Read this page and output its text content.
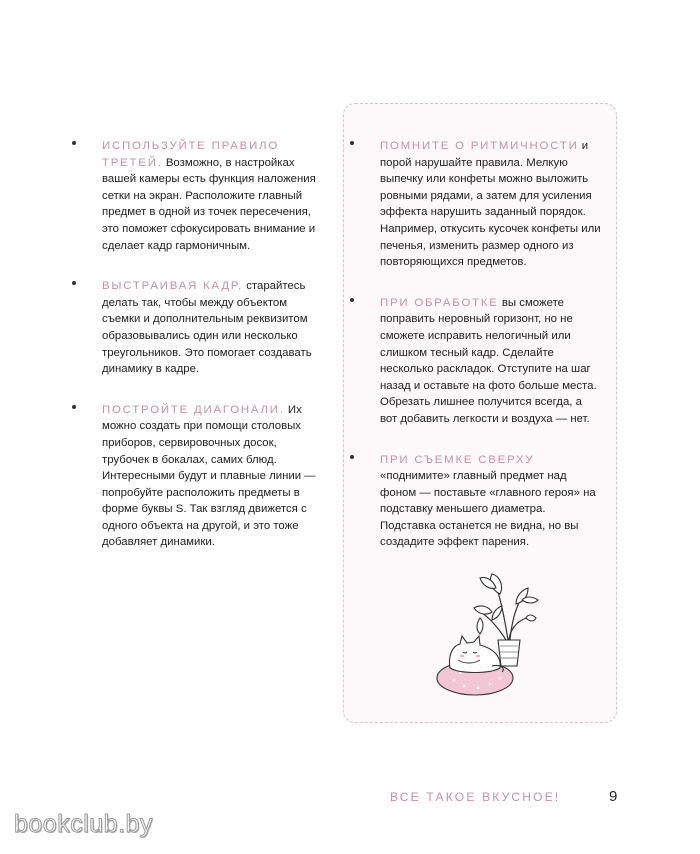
ИСПОЛЬЗУЙТЕ ПРАВИЛО ТРЕТЕЙ. Возможно, в настройках вашей камеры есть функция наложения сетки на экран. Расположите главный предмет в одной из точек пересечения, это поможет сфокусировать внимание и сделает кадр гармоничным.
ВЫСТРАИВАЯ КАДР, старайтесь делать так, чтобы между объектом съемки и дополнительным реквизитом образовывались один или несколько треугольников. Это помогает создавать динамику в кадре.
ПОСТРОЙТЕ ДИАГОНАЛИ. Их можно создать при помощи столовых приборов, сервировочных досок, трубочек в бокалах, самих блюд. Интересными будут и плавные линии — попробуйте расположить предметы в форме буквы S. Так взгляд движется с одного объекта на другой, и это тоже добавляет динамики.
ПОМНИТЕ О РИТМИЧНОСТИ и порой нарушайте правила. Мелкую выпечку или конфеты можно выложить ровными рядами, а затем для усиления эффекта нарушить заданный порядок. Например, откусить кусочек конфеты или печенья, изменить размер одного из повторяющихся предметов.
ПРИ ОБРАБОТКЕ вы сможете поправить неровный горизонт, но не сможете исправить нелогичный или слишком тесный кадр. Сделайте несколько раскладок. Отступите на шаг назад и оставьте на фото больше места. Обрезать лишнее получится всегда, а вот добавить легкости и воздуха — нет.
ПРИ СЪЕМКЕ СВЕРХУ «поднимите» главный предмет над фоном — поставьте «главного героя» на подставку меньшего диаметра. Подставка останется не видна, но вы создадите эффект парения.
ВСЕ ТАКОЕ ВКУСНОЕ!	9
bookclub.by
